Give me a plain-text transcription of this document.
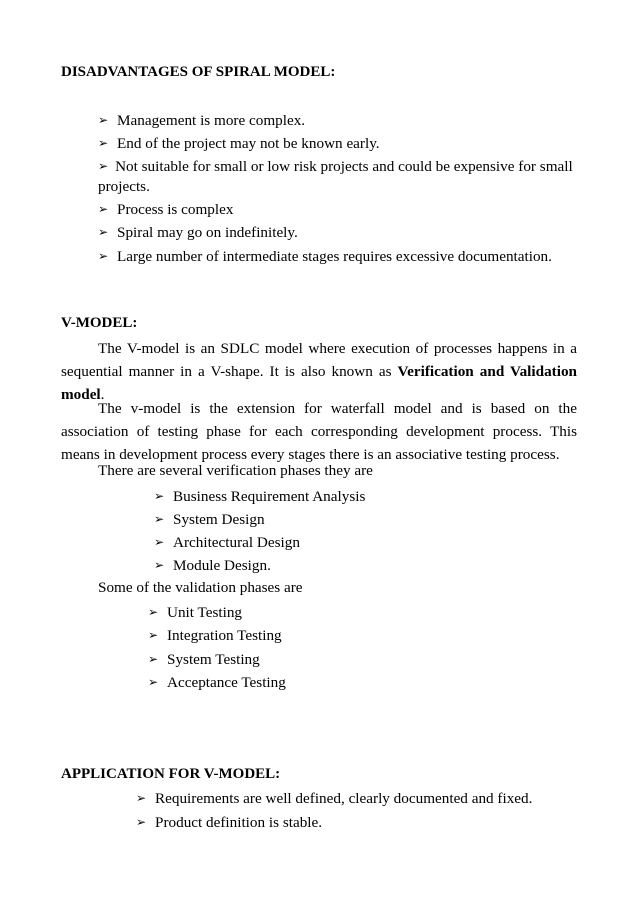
DISADVANTAGES OF SPIRAL MODEL:
➢ Management is more complex.
➢ End of the project may not be known early.
➢ Not suitable for small or low risk projects and could be expensive for small projects.
➢ Process is complex
➢ Spiral may go on indefinitely.
➢ Large number of intermediate stages requires excessive documentation.
V-MODEL:

The V-model is an SDLC model where execution of processes happens in a sequential manner in a V-shape. It is also known as Verification and Validation model.

The v-model is the extension for waterfall model and is based on the association of testing phase for each corresponding development process. This means in development process every stages there is an associative testing process.

There are several verification phases they are
➢ Business Requirement Analysis
➢ System Design
➢ Architectural Design
➢ Module Design.
Some of the validation phases are
➢ Unit Testing
➢ Integration Testing
➢ System Testing
➢ Acceptance Testing
APPLICATION FOR V-MODEL:
➢ Requirements are well defined, clearly documented and fixed.
➢ Product definition is stable.
